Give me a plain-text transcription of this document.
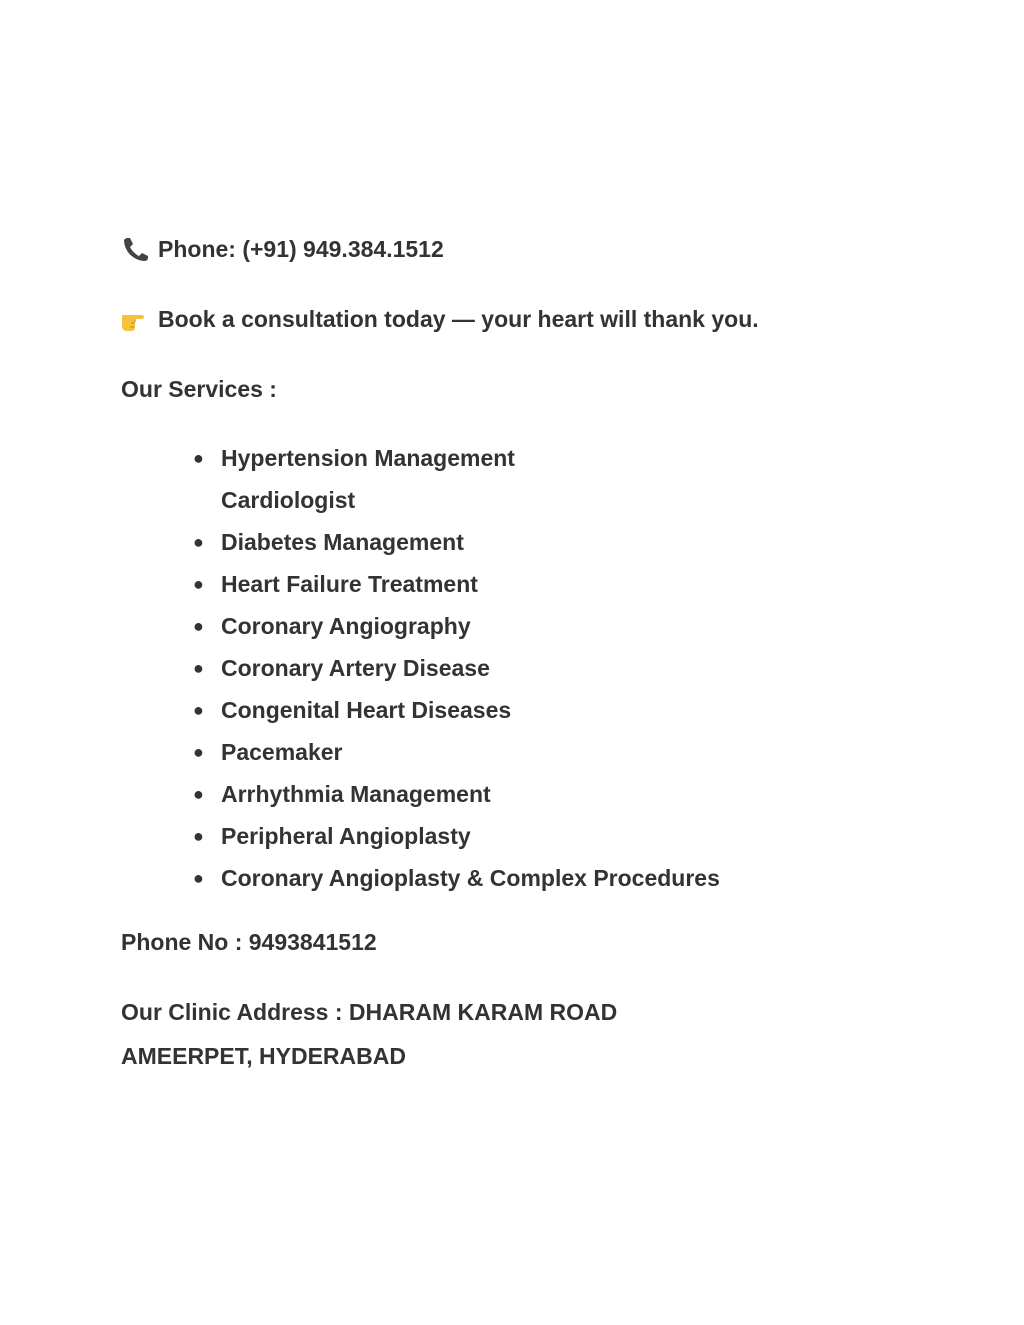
Phone: (+91) 949.384.1512
Book a consultation today — your heart will thank you.
Our Services :
● Hypertension Management
Cardiologist
● Diabetes Management
● Heart Failure Treatment
● Coronary Angiography
● Coronary Artery Disease
● Congenital Heart Diseases
● Pacemaker
● Arrhythmia Management
● Peripheral Angioplasty
● Coronary Angioplasty & Complex Procedures
Phone No : 9493841512
Our Clinic Address : DHARAM KARAM ROAD
AMEERPET, HYDERABAD
